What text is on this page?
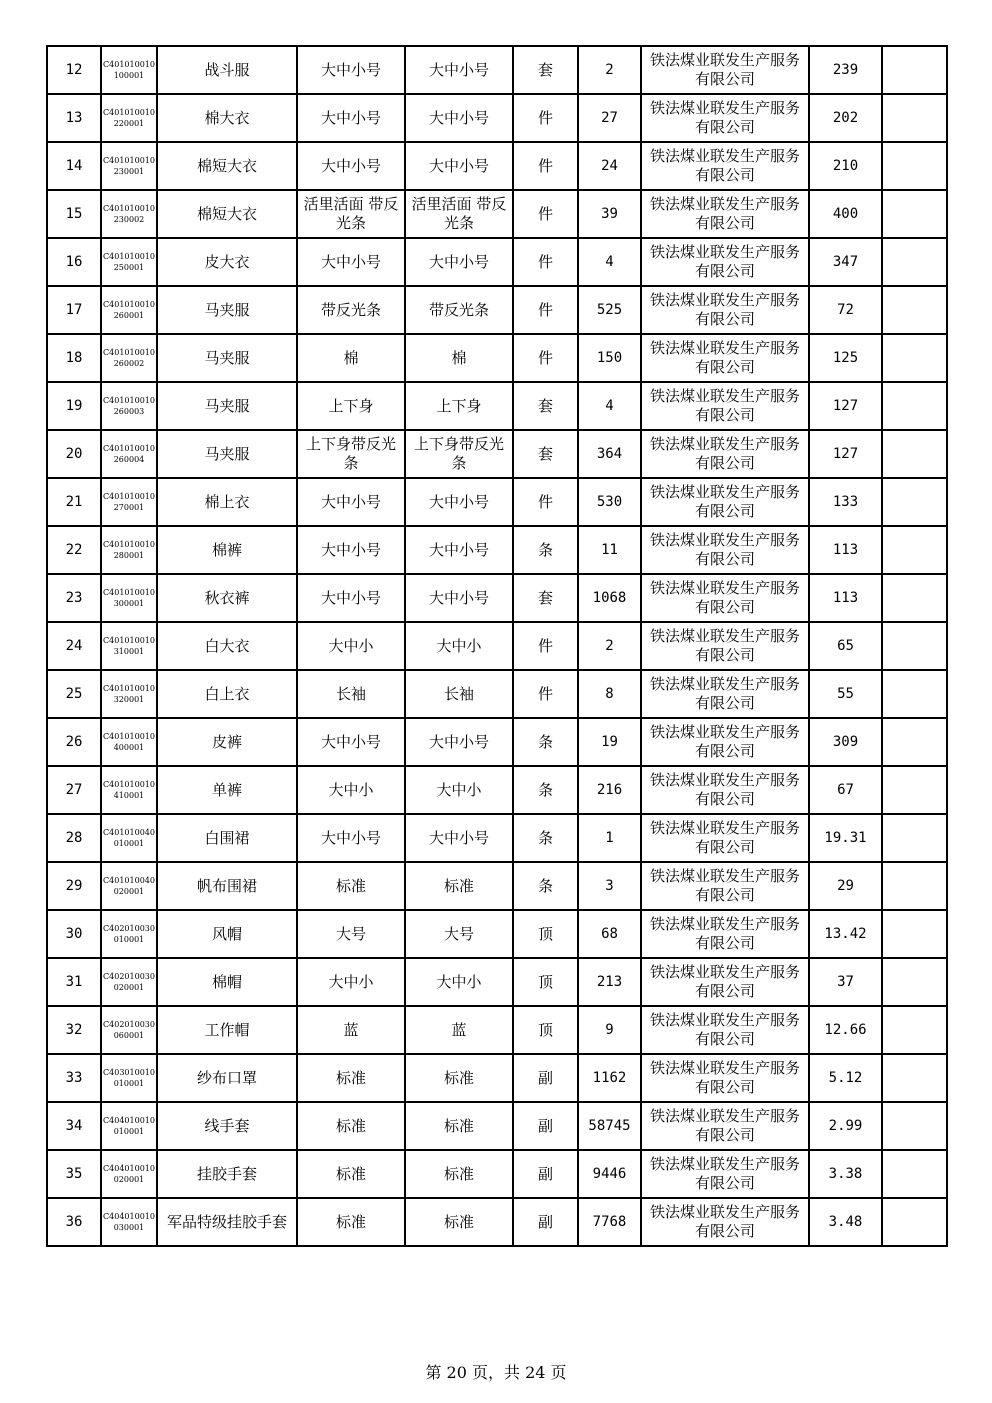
12	C401010010100001	战斗服	大中小号	大中小号	套	2	铁法煤业联发生产服务有限公司	239	
13	C401010010220001	棉大衣	大中小号	大中小号	件	27	铁法煤业联发生产服务有限公司	202	
14	C401010010230001	棉短大衣	大中小号	大中小号	件	24	铁法煤业联发生产服务有限公司	210	
15	C401010010230002	棉短大衣	活里活面 带反光条	活里活面 带反光条	件	39	铁法煤业联发生产服务有限公司	400	
16	C401010010250001	皮大衣	大中小号	大中小号	件	4	铁法煤业联发生产服务有限公司	347	
17	C401010010260001	马夹服	带反光条	带反光条	件	525	铁法煤业联发生产服务有限公司	72	
18	C401010010260002	马夹服	棉	棉	件	150	铁法煤业联发生产服务有限公司	125	
19	C401010010260003	马夹服	上下身	上下身	套	4	铁法煤业联发生产服务有限公司	127	
20	C401010010260004	马夹服	上下身带反光条	上下身带反光条	套	364	铁法煤业联发生产服务有限公司	127	
21	C401010010270001	棉上衣	大中小号	大中小号	件	530	铁法煤业联发生产服务有限公司	133	
22	C401010010280001	棉裤	大中小号	大中小号	条	11	铁法煤业联发生产服务有限公司	113	
23	C401010010300001	秋衣裤	大中小号	大中小号	套	1068	铁法煤业联发生产服务有限公司	113	
24	C401010010310001	白大衣	大中小	大中小	件	2	铁法煤业联发生产服务有限公司	65	
25	C401010010320001	白上衣	长袖	长袖	件	8	铁法煤业联发生产服务有限公司	55	
26	C401010010400001	皮裤	大中小号	大中小号	条	19	铁法煤业联发生产服务有限公司	309	
27	C401010010410001	单裤	大中小	大中小	条	216	铁法煤业联发生产服务有限公司	67	
28	C401010040010001	白围裙	大中小号	大中小号	条	1	铁法煤业联发生产服务有限公司	19.31	
29	C401010040020001	帆布围裙	标准	标准	条	3	铁法煤业联发生产服务有限公司	29	
30	C402010030010001	风帽	大号	大号	顶	68	铁法煤业联发生产服务有限公司	13.42	
31	C402010030020001	棉帽	大中小	大中小	顶	213	铁法煤业联发生产服务有限公司	37	
32	C402010030060001	工作帽	蓝	蓝	顶	9	铁法煤业联发生产服务有限公司	12.66	
33	C403010010010001	纱布口罩	标准	标准	副	1162	铁法煤业联发生产服务有限公司	5.12	
34	C404010010010001	线手套	标准	标准	副	58745	铁法煤业联发生产服务有限公司	2.99	
35	C404010010020001	挂胶手套	标准	标准	副	9446	铁法煤业联发生产服务有限公司	3.38	
36	C404010010030001	军品特级挂胶手套	标准	标准	副	7768	铁法煤业联发生产服务有限公司	3.48	
第 20 页，共 24 页
